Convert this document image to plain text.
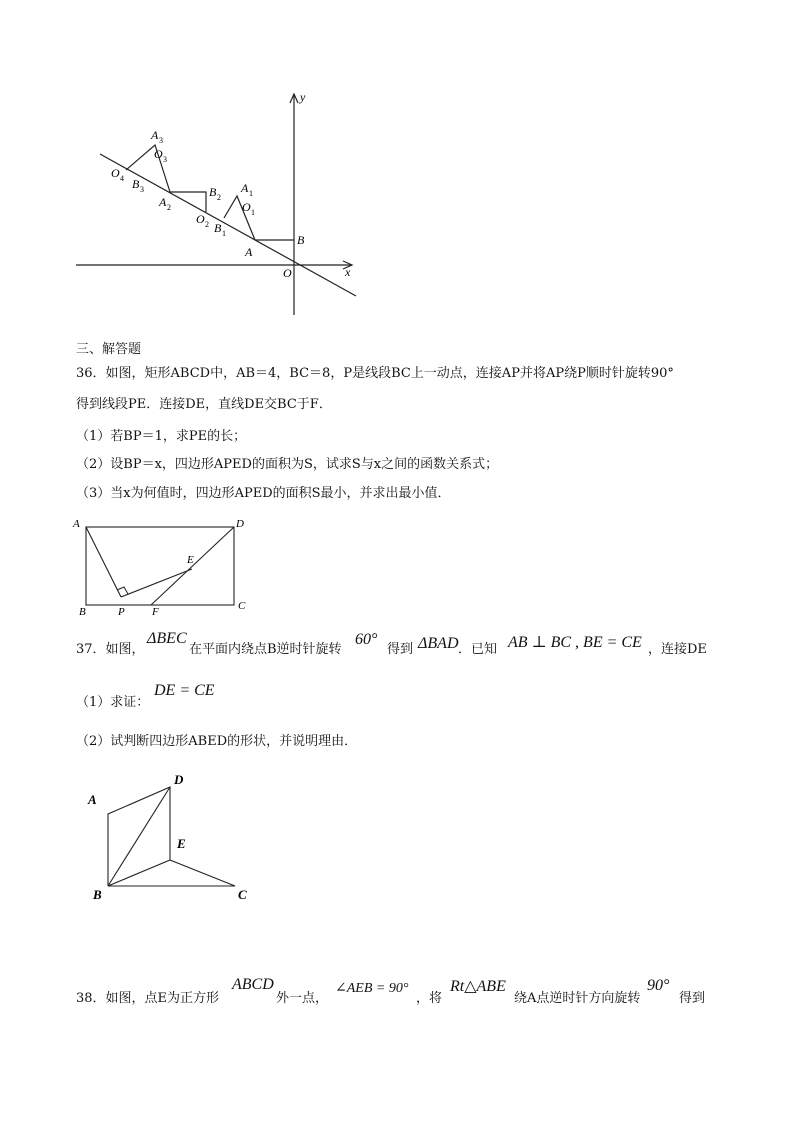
y
x
A 3
O 3
O 4 B 3
A 2
B 2
O 2
A 1
O 1
B 1
A
B
O
三、解答题
36．如图，矩形ABCD中，AB＝4，BC＝8，P是线段BC上一动点，连接AP并将AP绕P顺时针旋转90°
得到线段PE．连接DE，直线DE交BC于F．
（1）若BP＝1，求PE的长；
（2）设BP＝x，四边形APED的面积为S，试求S与x之间的函数关系式；
（3）当x为何值时，四边形APED的面积S最小，并求出最小值．
A	D
E
B	P F	C
37．如图，
ΔBEC
在平面内绕点B逆时针旋转
60°
得到 ΔBAD ．已知 AB ⊥ BC , BE = CE ，连接DE
（1）求证：
DE = CE
（2）试判断四边形ABED的形状，并说明理由．
A
D
E
B	C
38．如图，点E为正方形
ABCD
外一点，
∠AEB = 90°
，将
Rt△ABE
绕A点逆时针方向旋转
90°
得到
